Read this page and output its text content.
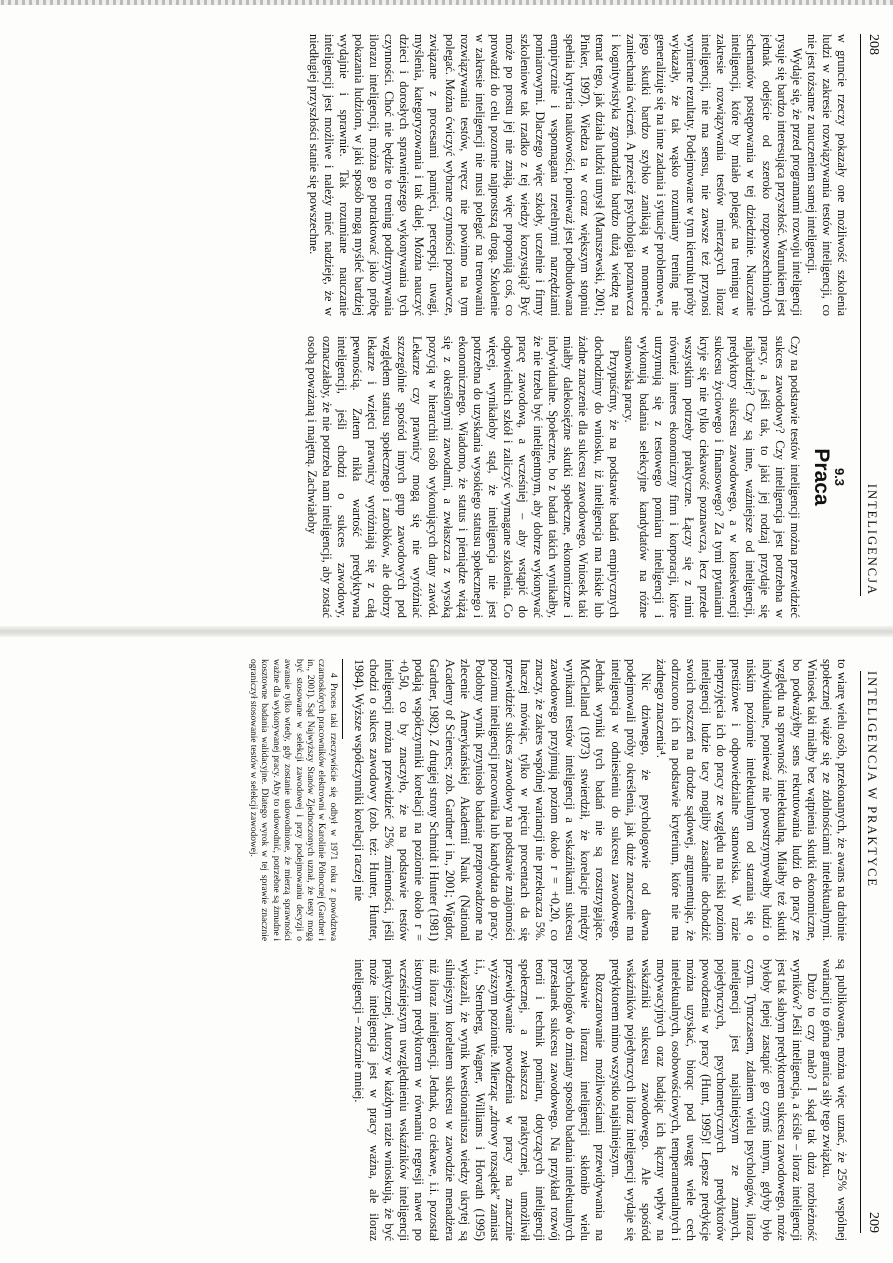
208
INTELIGENCJA

w gruncie rzeczy pokazały one możliwość szkolenia ludzi w zakresie rozwiązywania testów inteligencji, co nie jest tożsame z nauczeniem samej inteligencji.

Wydaje się, że przed programami rozwoju inteligencji rysuje się bardzo interesująca przyszłość. Warunkiem jest jednak odejście od szeroko rozpowszechnionych schematów postępowania w tej dziedzinie. Nauczanie inteligencji, które by miało polegać na treningu w zakresie rozwiązywania testów mierzących iloraz inteligencji, nie ma sensu, nie zawsze też przynosi wymierne rezultaty. Podejmowane w tym kierunku próby wykazały, że tak wąsko rozumiany trening nie generalizuje się na inne zadania i sytuacje problemowe, a jego skutki bardzo szybko zanikają w momencie zaniechania ćwiczeń. A przecież psychologia poznawcza i kognitywistyka zgromadziła bardzo dużą wiedzę na temat tego, jak działa ludzki umysł (Maruszewski, 2001; Pinker, 1997). Wiedza ta w coraz większym stopniu spełnia kryteria naukowości, ponieważ jest podbudowana empirycznie i wspomagana rzetelnymi narzędziami pomiarowymi. Dlaczego więc szkoły, uczelnie i firmy szkoleniowe tak rzadko z tej wiedzy korzystają? Być może po prostu jej nie znają, więc proponują coś, co prowadzi do celu pozornie najprostszą drogą. Szkolenie w zakresie inteligencji nie musi polegać na trenowaniu rozwiązywania testów, wręcz nie powinno na tym polegać. Można ćwiczyć wybrane czynności poznawcze, związane z procesami pamięci, percepcji, uwagi, myślenia, kategoryzowania i tak dalej. Można nauczyć dzieci i dorosłych sprawniejszego wykonywania tych czynności. Choć nie będzie to trening podtrzymywania ilorazu inteligencji, można go potraktować jako próbę pokazania ludziom, w jaki sposób mogą myśleć bardziej wydajnie i sprawnie. Tak rozumiane nauczanie inteligencji jest możliwe i należy mieć nadzieję, że w niedługiej przyszłości stanie się powszechne.

9.3
Praca

Czy na podstawie testów inteligencji można przewidzieć sukces zawodowy? Czy inteligencja jest potrzebna w pracy, a jeśli tak, to jaki jej rodzaj przydaje się najbardziej? Czy są inne, ważniejsze od inteligencji, predyktory sukcesu zawodowego, a w konsekwencji sukcesu życiowego i finansowego? Za tymi pytaniami kryje się nie tylko ciekawość poznawcza, lecz przede wszystkim potrzeby praktyczne. Łączy się z nimi również interes ekonomiczny firm i korporacji, które utrzymują się z testowego pomiaru inteligencji i wykonują badania selekcyjne kandydatów na różne stanowiska pracy.

Przypuśćmy, że na podstawie badań empirycznych dochodzimy do wniosku, iż inteligencja ma niskie lub żadne znaczenie dla sukcesu zawodowego. Wniosek taki miałby dalekosiężne skutki społeczne, ekonomiczne i indywidualne. Społeczne, bo z badań takich wynikałby, że nie trzeba być inteligentnym, aby dobrze wykonywać pracę zawodową, a wcześniej – aby wstąpić do odpowiednich szkół i zaliczyć wymagane szkolenia. Co więcej, wynikałoby stąd, że inteligencja nie jest potrzebna do uzyskania wysokiego statusu społecznego i ekonomicznego. Wiadomo, że status i pieniądze wiążą się z określonymi zawodami, a zwłaszcza z wysoką pozycją w hierarchii osób wykonujących dany zawód. Lekarze czy prawnicy mogą się nie wyróżniać szczególnie spośród innych grup zawodowych pod względem statusu społecznego i zarobków, ale dobrzy lekarze i wziętci prawnicy wyróżniają się z całą pewnością. Zatem nikła wartość predyktywna inteligencji, jeśli chodzi o sukces zawodowy, oznaczałaby, że nie potrzeba nam inteligencji, aby zostać osobą poważaną i majętną. Zachwiałoby

INTELIGENCJA W PRAKTYCE
209

to wiarę wielu osób, przekonanych, że awans na drabinie społecznej wiąże się ze zdolnościami intelektualnymi. Wniosek taki miałby bez wątpienia skutki ekonomiczne, bo podważyłby sens rekrutowania ludzi do pracy ze względu na sprawność intelektualną. Miałby też skutki indywidualne, ponieważ nie powstrzymywałby ludzi o niskim poziomie intelektualnym od starania się o prestiżowe i odpowiedzialne stanowiska. W razie nieprzyjęcia ich do pracy ze względu na niski poziom inteligencji ludzie tacy mogliby zasadnie dochodzić swoich roszczeń na drodze sądowej, argumentując, że odrzucono ich na podstawie kryterium, które nie ma żadnego znaczenia⁴.

Nic dziwnego, że psychologowie od dawna podejmowali próby określenia, jak duże znaczenie ma inteligencja w odniesieniu do sukcesu zawodowego. Jednak wyniki tych badań nie są rozstrzygające. McClelland (1973) stwierdził, że korelacje między wynikami testów inteligencji a wskaźnikami sukcesu zawodowego przyjmują poziom około r = +0,20, co znaczy, że zakres wspólnej wariancji nie przekracza 5%. Inaczej mówiąc, tylko w pięciu procentach da się przewidzieć sukces zawodowy na podstawie znajomości poziomu inteligencji pracownika lub kandydata do pracy. Podobny wynik przyniosło badanie przeprowadzone na zlecenie Amerykańskiej Akademii Nauk (National Academy of Sciences; zob. Gardner i in., 2001; Wigdor, Gardner, 1982). Z drugiej strony Schmidt i Hunter (1981) podają współczynniki korelacji na poziomie około r = +0,50, co by znaczyło, że na podstawie testów inteligencji można przewidzieć 25% zmienności, jeśli chodzi o sukces zawodowy (zob. też: Hunter, Hunter, 1984). Wyższe współczynniki korelacji raczej nie

4 Proces taki rzeczywiście się odbył w 1971 roku z powództwa czarnoskórych pracowników elektrowni w Karolinie Północnej (Gardner i in., 2001). Sąd Najwyższy Stanów Zjednoczonych uznał, że testy mogą być stosowane w selekcji zawodowej i przy podejmowaniu decyzji o awansie tylko wtedy, gdy zostanie udowodnione, że mierzą sprawności ważne dla wykonywanej pracy. Aby to udowodnić, potrzebne są żmudne i kosztowne badania walidacyjne. Dlatego wyrok w tej sprawie znacznie ograniczył stosowanie testów w selekcji zawodowej.

są publikowane, można więc uznać, że 25% wspólnej wariancji to górna granica siły tego związku.

Dużo to czy mało? I skąd tak duża rozbieżność wyników? Jeśli inteligencja, a ściśle – iloraz inteligencji jest tak słabym predyktorem sukcesu zawodowego, może byłoby lepiej zastąpić go czymś innym, gdyby było czym. Tymczasem, zdaniem wielu psychologów, iloraz inteligencji jest najsilniejszym ze znanych, pojedynczych, psychometrycznych predyktorów powodzenia w pracy (Hunt, 1995)! Lepsze predykcje można uzyskać, biorąc pod uwagę wiele cech intelektualnych, osobowościowych, temperamentalnych i motywacyjnych oraz badając ich łączny wpływ na wskaźniki sukcesu zawodowego. Ale spośród wskaźników pojedynczych iloraz inteligencji wydaje się predyktorem mimo wszystko najsilniejszym.

Rozczarowanie możliwościami przewidywania na podstawie ilorazu inteligencji skłoniło wielu psychologów do zmiany sposobu badania intelektualnych przesłanek sukcesu zawodowego. Na przykład rozwój teorii i technik pomiaru, dotyczących inteligencji społecznej, a zwłaszcza praktycznej, umożliwił przewidywanie powodzenia w pracy na znacznie wyższym poziomie. Mierząc „zdrowy rozsądek” zamiast i.i., Sternberg, Wagner, Williams i Horvath (1995) wykazali, że wynik kwestionariusza wiedzy ukrytej są silniejszym korelatem sukcesu w zawodzie menadżera niż iloraz inteligencji. Jednak, co ciekawe, i.i. pozostał istotnym predyktorem w równaniu regresji nawet po wcześniejszym uwzględnieniu wskaźników inteligencji praktycznej. Autorzy w każdym razie wnioskują, że być może inteligencja jest w pracy ważna, ale iloraz inteligencji – znacznie mniej.
